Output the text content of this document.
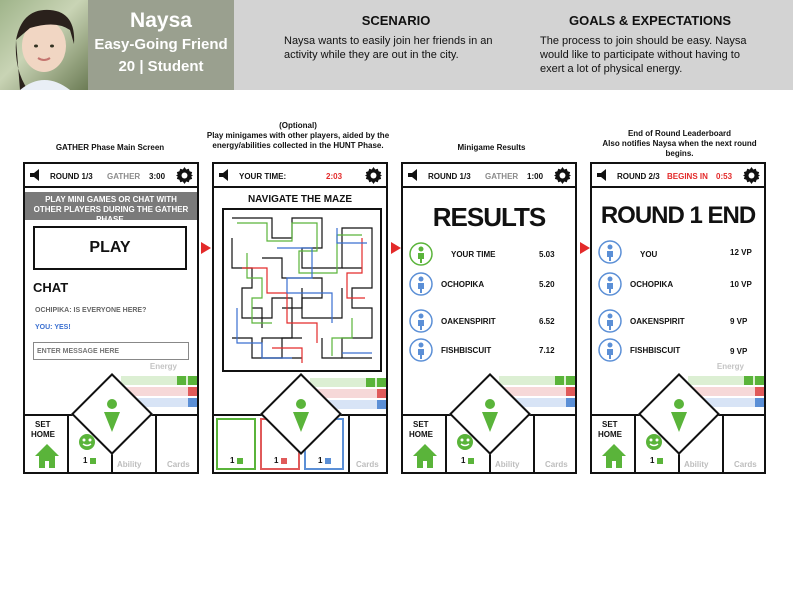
Naysa
Easy-Going Friend
20 | Student
SCENARIO
Naysa wants to easily join her friends in an activity while they are out in the city.
GOALS & EXPECTATIONS
The process to join should be easy. Naysa would like to participate without having to exert a lot of physical energy.
GATHER Phase Main Screen
(Optional)
Play minigames with other players, aided by the energy/abilities collected in the HUNT Phase.	Minigame Results
End of Round Leaderboard
Also notifies Naysa when the next round begins.
ROUND 1/3 GATHER 3:00
PLAY MINI GAMES OR CHAT WITH OTHER PLAYERS DURING THE GATHER PHASE.
PLAY
CHAT
OCHIPIKA: IS EVERYONE HERE?
YOU: YES!
ENTER MESSAGE HERE
Energy
SET
HOME
1	Ability	Cards
YOUR TIME:	2:03
NAVIGATE THE MAZE
1	1	1	Cards
ROUND 1/3 GATHER 1:00
RESULTS
YOUR TIME	5.03
OCHOPIKA	5.20
OAKENSPIRIT	6.52
FISHBISCUIT	7.12
SET
HOME
1	Ability	Cards
ROUND 2/3 BEGINS IN 0:53
ROUND 1 END
YOU	12 VP
OCHOPIKA	10 VP
OAKENSPIRIT	9 VP
FISHBISCUIT	9 VP
Energy
SET
HOME
1	Ability	Cards
